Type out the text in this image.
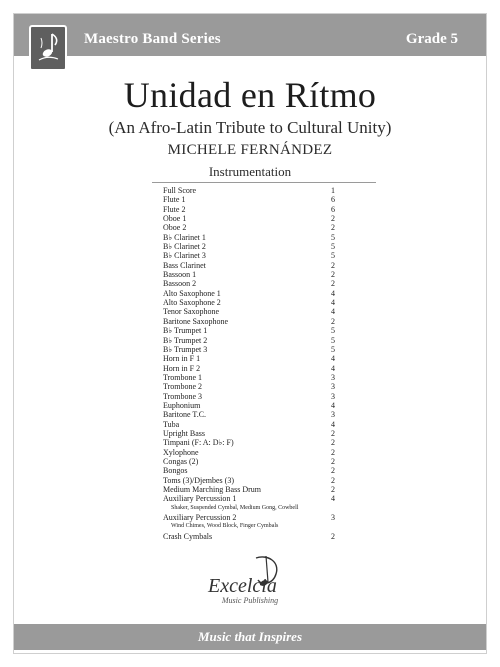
Maestro Band Series	Grade 5
Unidad en Rítmo
(An Afro-Latin Tribute to Cultural Unity)
MICHELE FERNÁNDEZ
Instrumentation
Full Score	1
Flute 1	6
Flute 2	6
Oboe 1	2
Oboe 2	2
B♭ Clarinet 1	5
B♭ Clarinet 2	5
B♭ Clarinet 3	5
Bass Clarinet	2
Bassoon 1	2
Bassoon 2	2
Alto Saxophone 1	4
Alto Saxophone 2	4
Tenor Saxophone	4
Baritone Saxophone	2
B♭ Trumpet 1	5
B♭ Trumpet 2	5
B♭ Trumpet 3	5
Horn in F 1	4
Horn in F 2	4
Trombone 1	3
Trombone 2	3
Trombone 3	3
Euphonium	4
Baritone T.C.	3
Tuba	4
Upright Bass	2
Timpani (F: A: D♭: F)	2
Xylophone	2
Congas (2)	2
Bongos	2
Toms (3)/Djembes (3)	2
Medium Marching Bass Drum	2
Auxiliary Percussion 1	4
Shaker, Suspended Cymbal, Medium Gong, Cowbell
Auxiliary Percussion 2	3
Wind Chimes, Wood Block, Finger Cymbals
Crash Cymbals	2
Excelcia
Music Publishing
Music that Inspires
